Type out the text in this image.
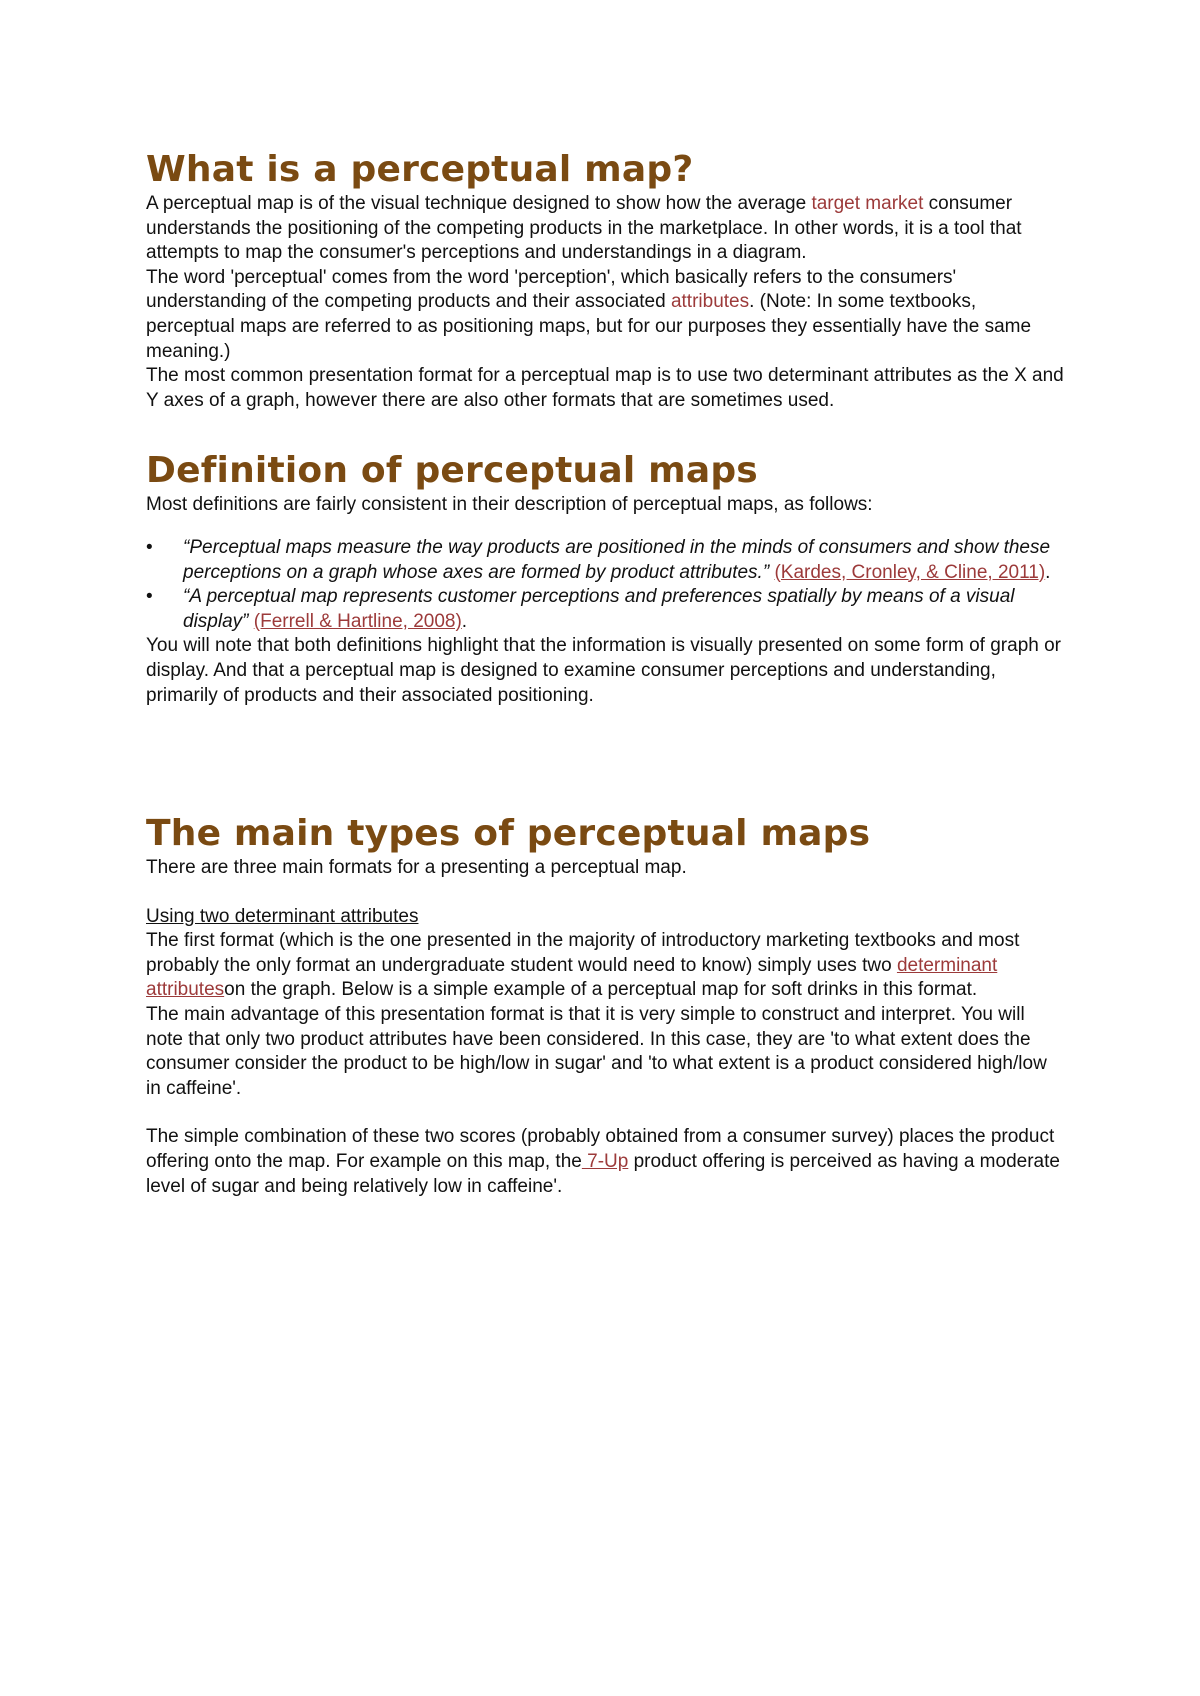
What is a perceptual map?

A perceptual map is of the visual technique designed to show how the average target market consumer understands the positioning of the competing products in the marketplace. In other words, it is a tool that attempts to map the consumer's perceptions and understandings in a diagram.

The word 'perceptual' comes from the word 'perception', which basically refers to the consumers' understanding of the competing products and their associated attributes. (Note: In some textbooks, perceptual maps are referred to as positioning maps, but for our purposes they essentially have the same meaning.)

The most common presentation format for a perceptual map is to use two determinant attributes as the X and Y axes of a graph, however there are also other formats that are sometimes used.

Definition of perceptual maps

Most definitions are fairly consistent in their description of perceptual maps, as follows:

• “Perceptual maps measure the way products are positioned in the minds of consumers and show these perceptions on a graph whose axes are formed by product attributes.” (Kardes, Cronley, & Cline, 2011).
• “A perceptual map represents customer perceptions and preferences spatially by means of a visual display” (Ferrell & Hartline, 2008).

You will note that both definitions highlight that the information is visually presented on some form of graph or display. And that a perceptual map is designed to examine consumer perceptions and understanding, primarily of products and their associated positioning.

The main types of perceptual maps

There are three main formats for a presenting a perceptual map.

Using two determinant attributes

The first format (which is the one presented in the majority of introductory marketing textbooks and most probably the only format an undergraduate student would need to know) simply uses two determinant attributeson the graph. Below is a simple example of a perceptual map for soft drinks in this format.

The main advantage of this presentation format is that it is very simple to construct and interpret. You will note that only two product attributes have been considered. In this case, they are 'to what extent does the consumer consider the product to be high/low in sugar' and 'to what extent is a product considered high/low in caffeine'.

The simple combination of these two scores (probably obtained from a consumer survey) places the product offering onto the map. For example on this map, the 7-Up product offering is perceived as having a moderate level of sugar and being relatively low in caffeine'.
